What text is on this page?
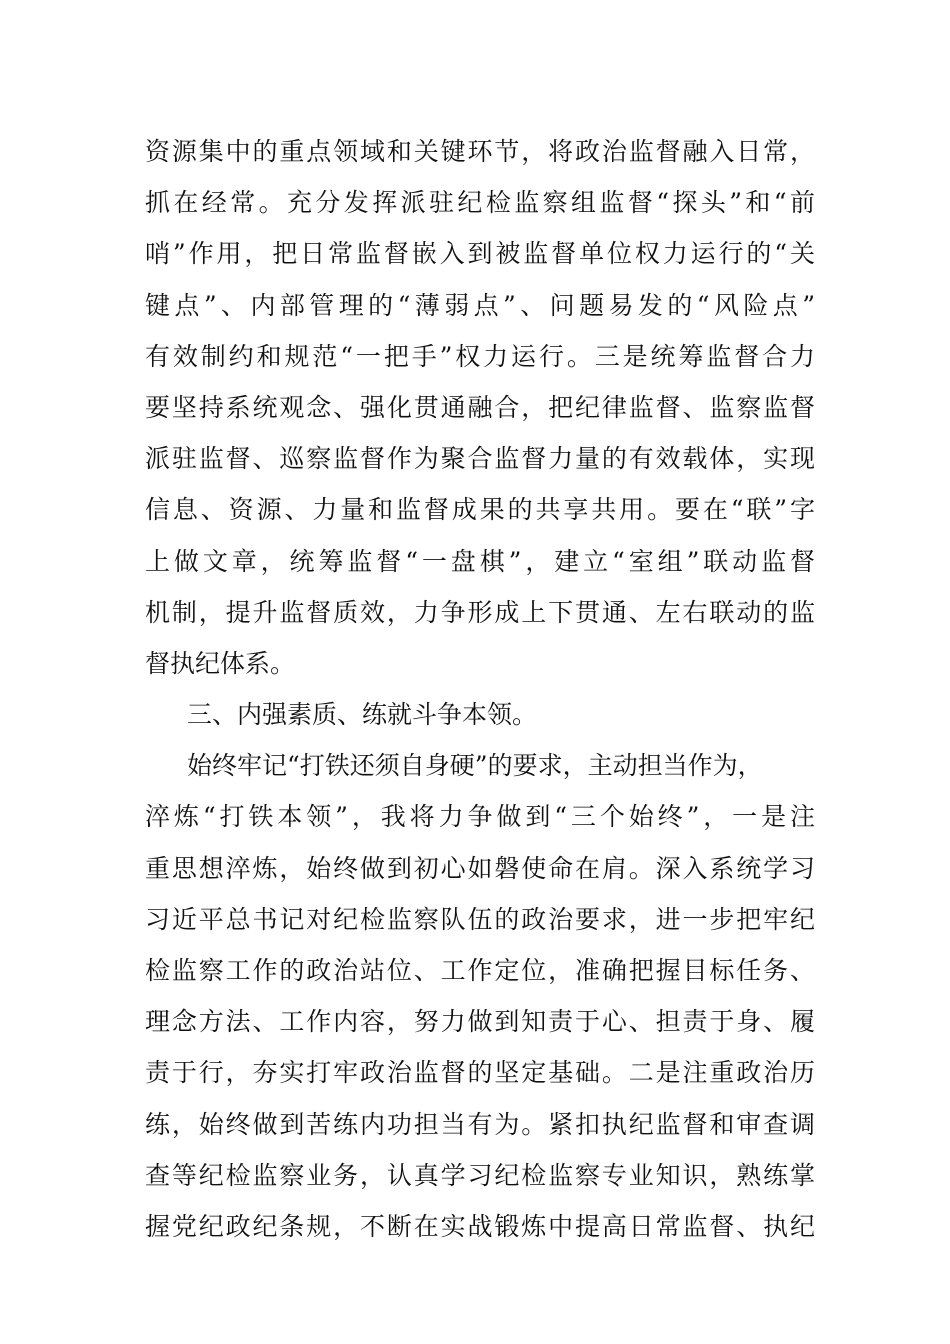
资源集中的重点领域和关键环节，将政治监督融入日常，
抓在经常。充分发挥派驻纪检监察组监督“探头”和“前
哨”作用，把日常监督嵌入到被监督单位权力运行的“关
键点”、内部管理的“薄弱点”、问题易发的“风险点”
有效制约和规范“一把手”权力运行。三是统筹监督合力
要坚持系统观念、强化贯通融合，把纪律监督、监察监督
派驻监督、巡察监督作为聚合监督力量的有效载体，实现
信息、资源、力量和监督成果的共享共用。要在“联”字
上做文章，统筹监督“一盘棋”，建立“室组”联动监督
机制，提升监督质效，力争形成上下贯通、左右联动的监
督执纪体系。
三、内强素质、练就斗争本领。
始终牢记“打铁还须自身硬”的要求，主动担当作为，
淬炼“打铁本领”，我将力争做到“三个始终”，一是注
重思想淬炼，始终做到初心如磐使命在肩。深入系统学习
习近平总书记对纪检监察队伍的政治要求，进一步把牢纪
检监察工作的政治站位、工作定位，准确把握目标任务、
理念方法、工作内容，努力做到知责于心、担责于身、履
责于行，夯实打牢政治监督的坚定基础。二是注重政治历
练，始终做到苦练内功担当有为。紧扣执纪监督和审查调
查等纪检监察业务，认真学习纪检监察专业知识，熟练掌
握党纪政纪条规，不断在实战锻炼中提高日常监督、执纪
